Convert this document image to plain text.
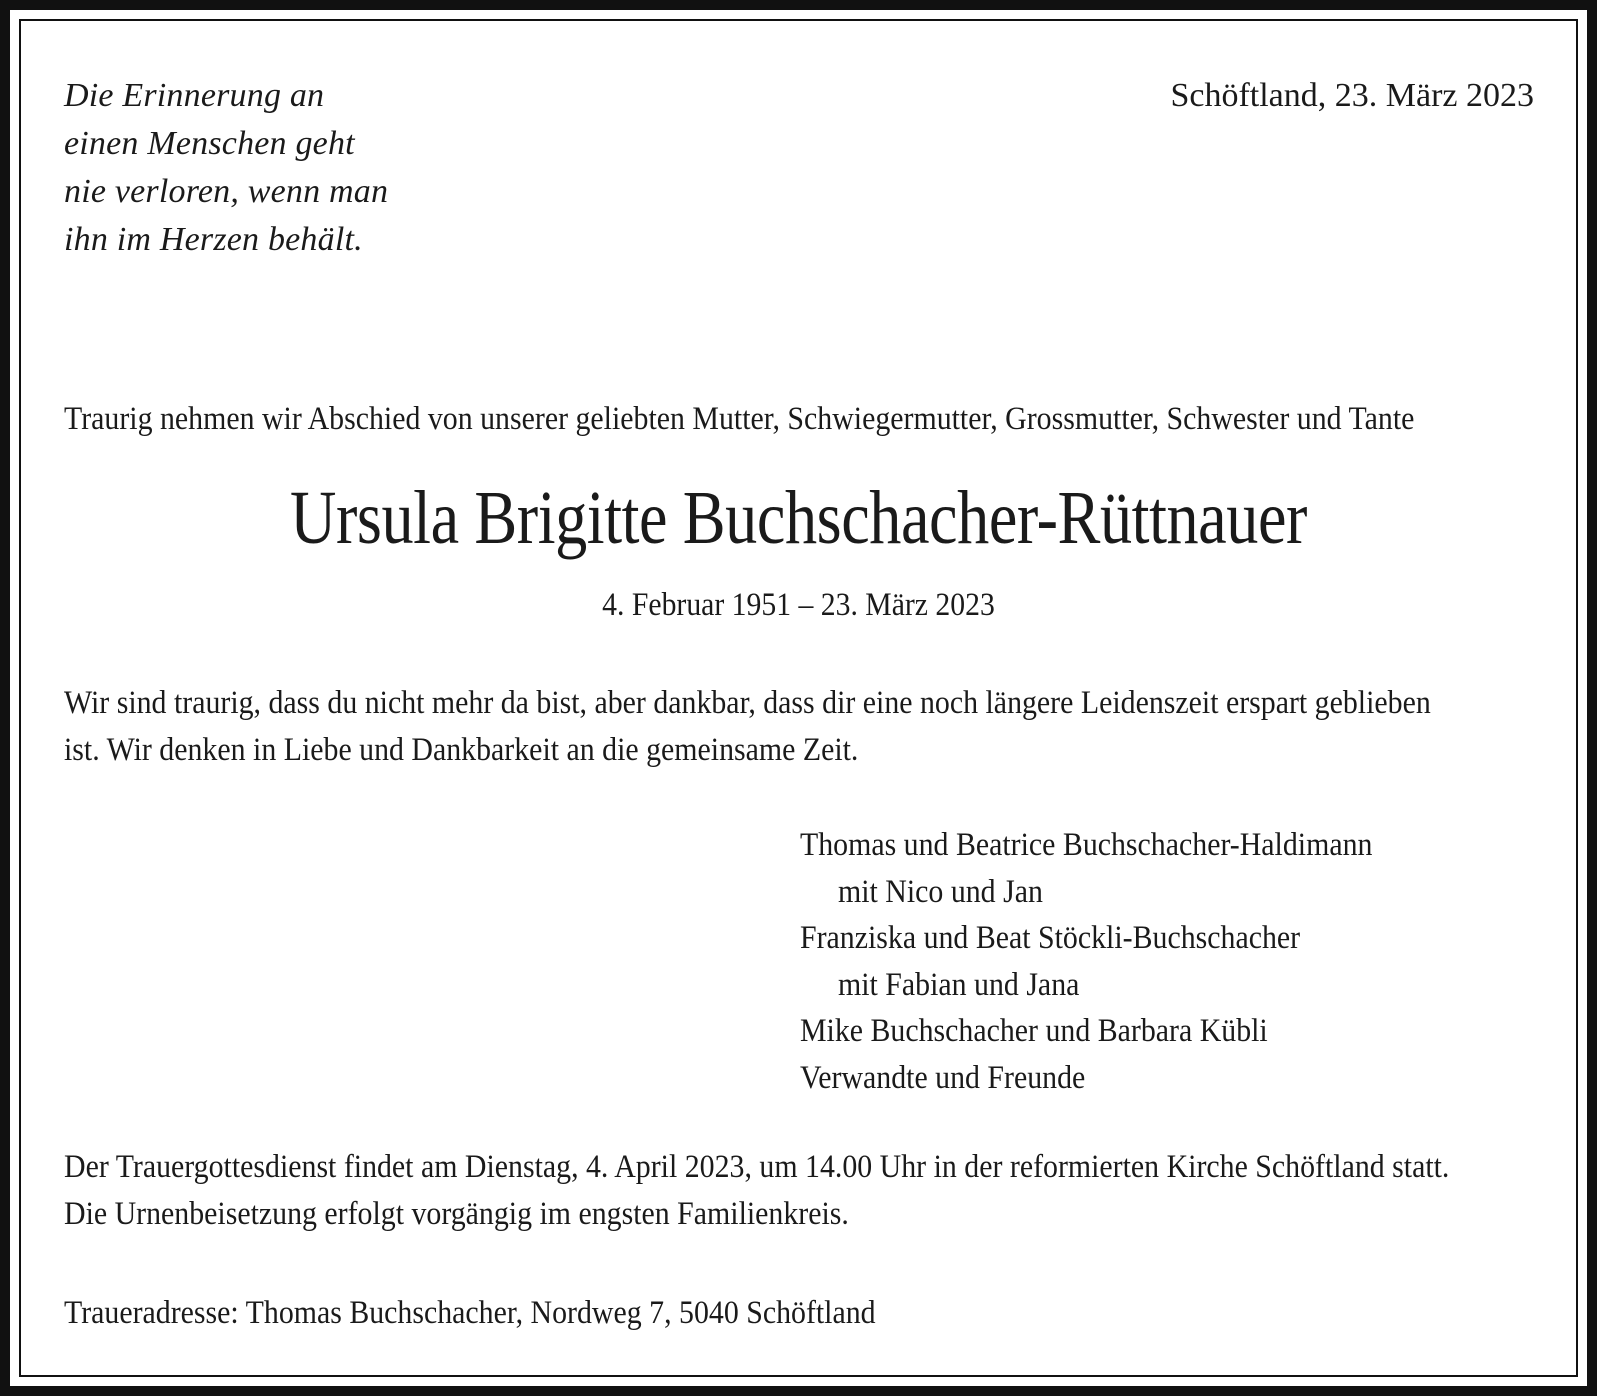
Die Erinnerung an
einen Menschen geht
nie verloren, wenn man
ihn im Herzen behält.
Schöftland, 23. März 2023
Traurig nehmen wir Abschied von unserer geliebten Mutter, Schwiegermutter, Grossmutter, Schwester und Tante
Ursula Brigitte Buchschacher-Rüttnauer
4. Februar 1951 – 23. März 2023
Wir sind traurig, dass du nicht mehr da bist, aber dankbar, dass dir eine noch längere Leidenszeit erspart geblieben
ist. Wir denken in Liebe und Dankbarkeit an die gemeinsame Zeit.
Thomas und Beatrice Buchschacher-Haldimann
mit Nico und Jan
Franziska und Beat Stöckli-Buchschacher
mit Fabian und Jana
Mike Buchschacher und Barbara Kübli
Verwandte und Freunde
Der Trauergottesdienst findet am Dienstag, 4. April 2023, um 14.00 Uhr in der reformierten Kirche Schöftland statt.
Die Urnenbeisetzung erfolgt vorgängig im engsten Familienkreis.
Traueradresse: Thomas Buchschacher, Nordweg 7, 5040 Schöftland
